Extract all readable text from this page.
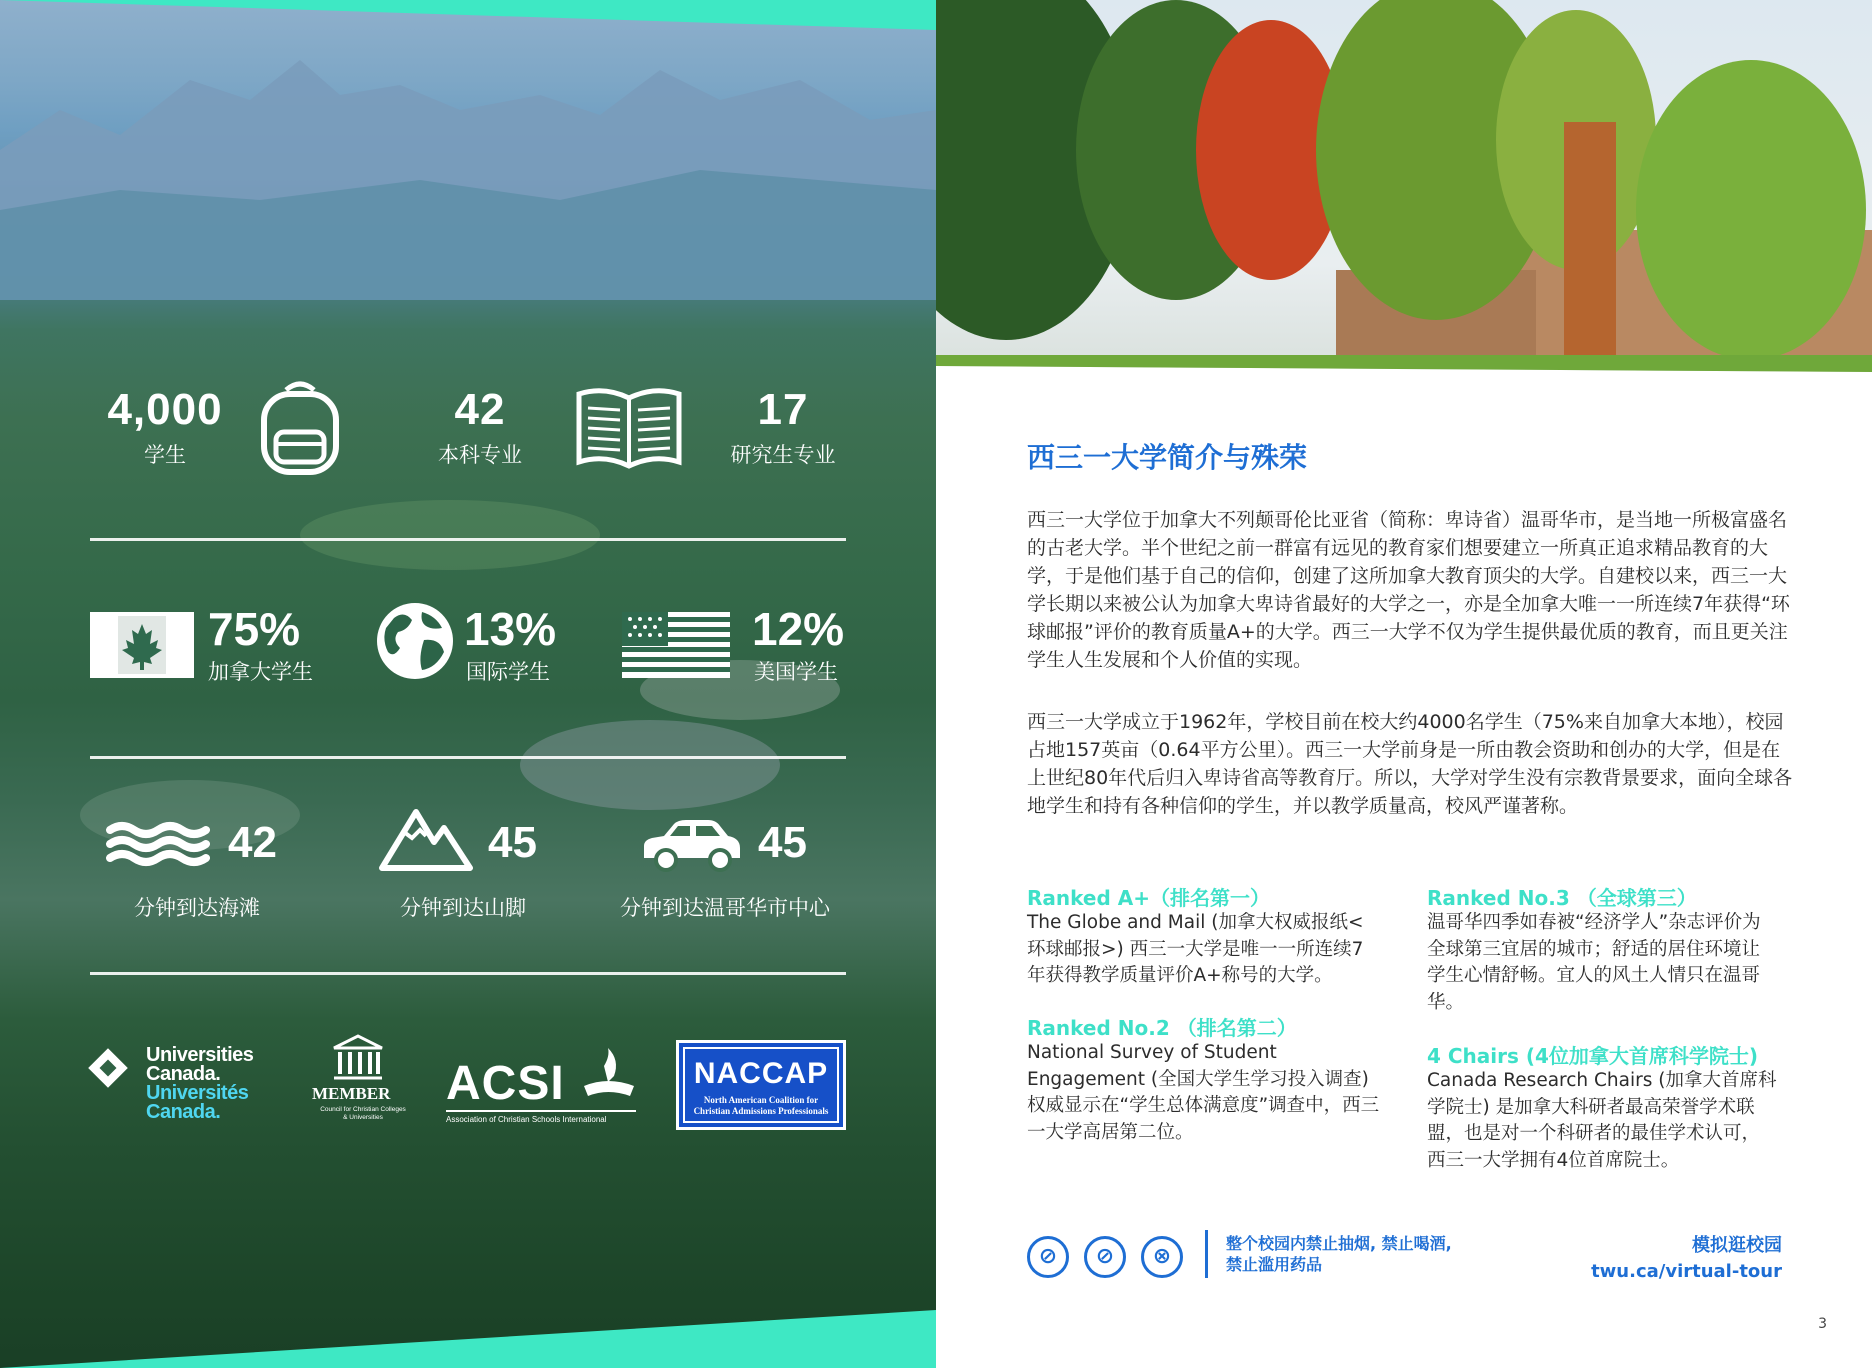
4,000
学生
42
本科专业
17
研究生专业
75%
加拿大学生
13%
国际学生
12%
美国学生
42
分钟到达海滩
45
分钟到达山脚
45
分钟到达温哥华市中心
Universities
Canada.
Universités
Canada.
MEMBER
Council for Christian Colleges & Universities
ACSI
Association of Christian Schools International
NACCAP
North American Coalition for Christian Admissions Professionals
西三一大学简介与殊荣
西三一大学位于加拿大不列颠哥伦比亚省（简称：卑诗省）温哥华市，是当地一所极富盛名的古老大学。半个世纪之前一群富有远见的教育家们想要建立一所真正追求精品教育的大学，于是他们基于自己的信仰，创建了这所加拿大教育顶尖的大学。自建校以来，西三一大学长期以来被公认为加拿大卑诗省最好的大学之一，亦是全加拿大唯一一所连续7年获得“环球邮报”评价的教育质量A+的大学。西三一大学不仅为学生提供最优质的教育，而且更关注学生人生发展和个人价值的实现。
西三一大学成立于1962年，学校目前在校大约4000名学生（75%来自加拿大本地），校园占地157英亩（0.64平方公里）。西三一大学前身是一所由教会资助和创办的大学，但是在上世纪80年代后归入卑诗省高等教育厅。所以，大学对学生没有宗教背景要求，面向全球各地学生和持有各种信仰的学生，并以教学质量高，校风严谨著称。
Ranked A+（排名第一）
The Globe and Mail (加拿大权威报纸<环球邮报>) 西三一大学是唯一一所连续7年获得教学质量评价A+称号的大学。
Ranked No.2 （排名第二）
National Survey of Student Engagement (全国大学生学习投入调查) 权威显示在“学生总体满意度”调查中，西三一大学高居第二位。
Ranked No.3 （全球第三）
温哥华四季如春被“经济学人”杂志评价为全球第三宜居的城市；舒适的居住环境让学生心情舒畅。宜人的风土人情只在温哥华。
4 Chairs (4位加拿大首席科学院士)
Canada Research Chairs (加拿大首席科学院士) 是加拿大科研者最高荣誉学术联盟，也是对一个科研者的最佳学术认可，西三一大学拥有4位首席院士。
⊘	⊘	⊗
整个校园内禁止抽烟, 禁止喝酒,
禁止滥用药品
模拟逛校园
twu.ca/virtual-tour
3
